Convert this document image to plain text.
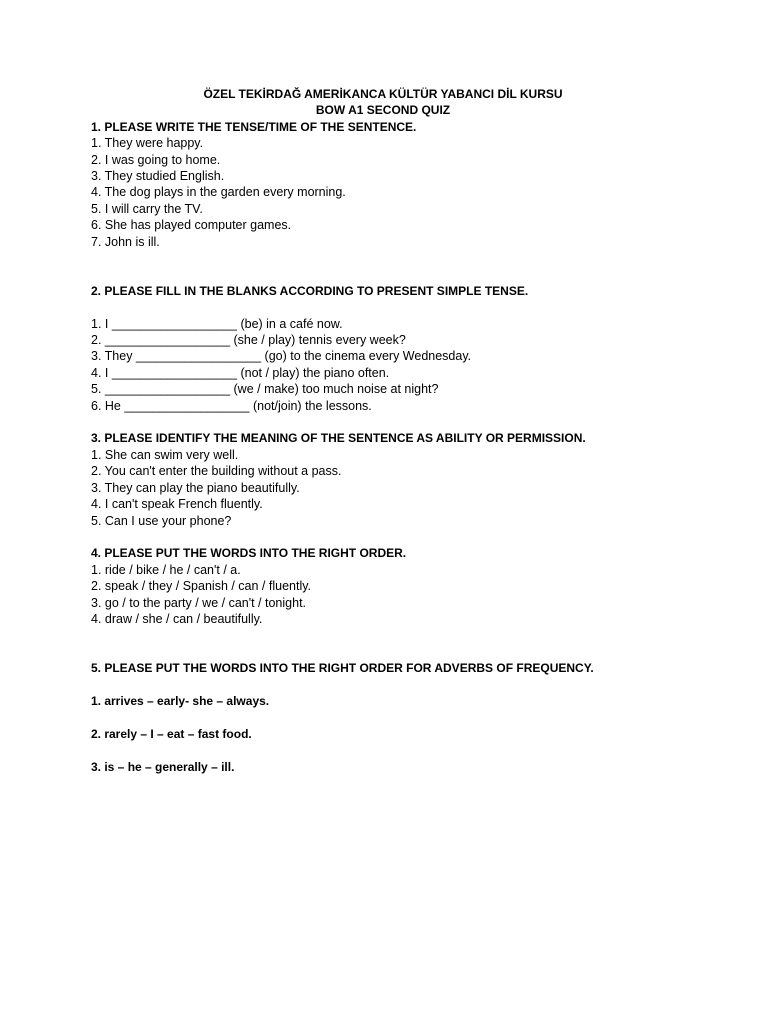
ÖZEL TEKİRDAĞ AMERİKANCA KÜLTÜR YABANCI DİL KURSU
BOW A1 SECOND QUIZ
1. PLEASE WRITE THE TENSE/TIME OF THE SENTENCE.
1. They were happy.
2. I was going to home.
3. They studied English.
4. The dog plays in the garden every morning.
5. I will carry the TV.
6. She has played computer games.
7. John is ill.
2. PLEASE FILL IN THE BLANKS ACCORDING TO PRESENT SIMPLE TENSE.
1. I __________________ (be) in a café now.
2. __________________ (she / play) tennis every week?
3. They __________________ (go) to the cinema every Wednesday.
4. I __________________ (not / play) the piano often.
5. __________________ (we / make) too much noise at night?
6. He __________________ (not/join) the lessons.
3. PLEASE IDENTIFY THE MEANING OF THE SENTENCE AS ABILITY OR PERMISSION.
1. She can swim very well.
2. You can't enter the building without a pass.
3. They can play the piano beautifully.
4. I can't speak French fluently.
5. Can I use your phone?
4. PLEASE PUT THE WORDS INTO THE RIGHT ORDER.
1. ride / bike / he / can't / a.
2. speak / they / Spanish / can / fluently.
3. go / to the party / we / can't / tonight.
4. draw / she / can / beautifully.
5. PLEASE PUT THE WORDS INTO THE RIGHT ORDER FOR ADVERBS OF FREQUENCY.
1. arrives – early- she – always.
2. rarely – I – eat – fast food.
3. is – he – generally – ill.
